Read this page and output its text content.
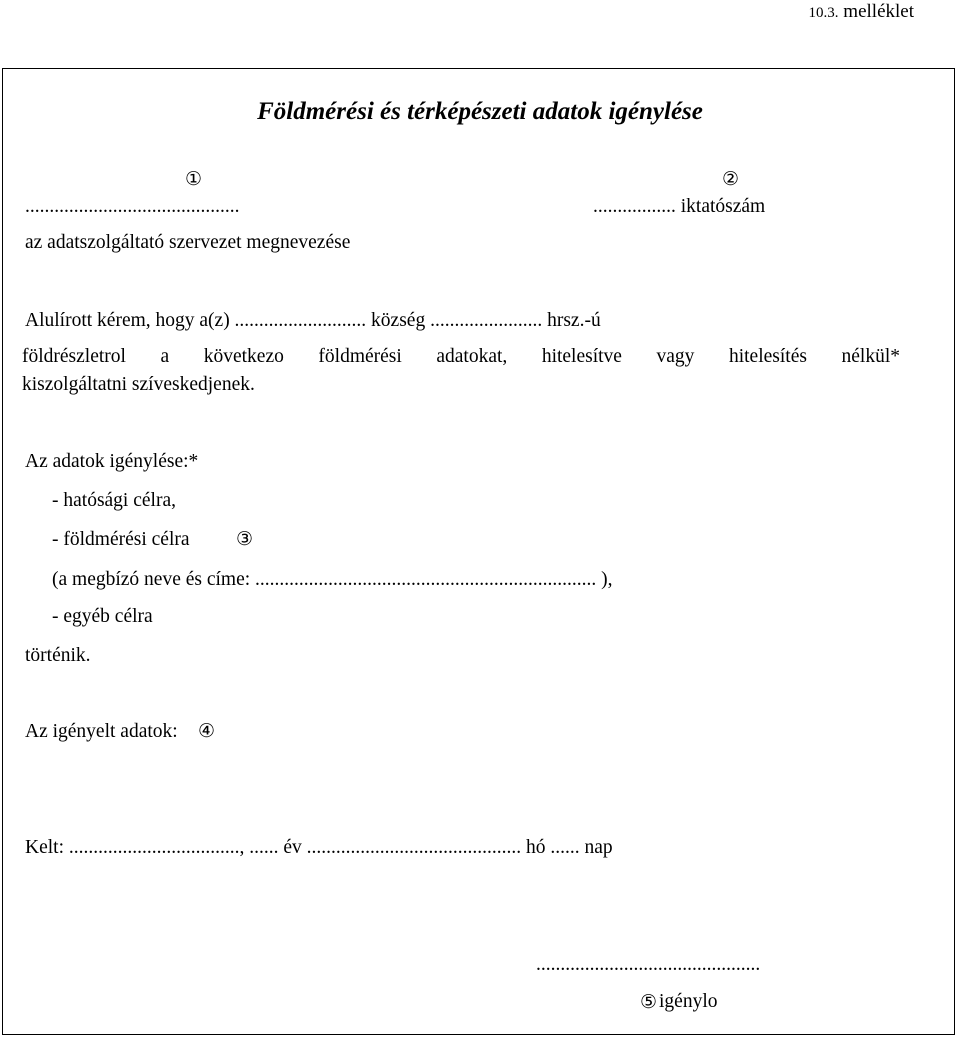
10.3. melléklet
Földmérési és térképészeti adatok igénylése
①	②
............................................
az adatszolgáltató szervezet megnevezése
................. iktatószám
Alulírott kérem, hogy a(z) ........................... község ....................... hrsz.-ú
földrészletrol a következo földmérési adatokat, hitelesítve vagy hitelesítés nélkül*
kiszolgáltatni szíveskedjenek.
Az adatok igénylése:*
- hatósági célra,
- földmérési célra ③
(a megbízó neve és címe: ...................................................................... ),
- egyéb célra
történik.
Az igényelt adatok: ④
Kelt: ..................................., ...... év ............................................ hó ...... nap
..............................................
⑤ igénylo
